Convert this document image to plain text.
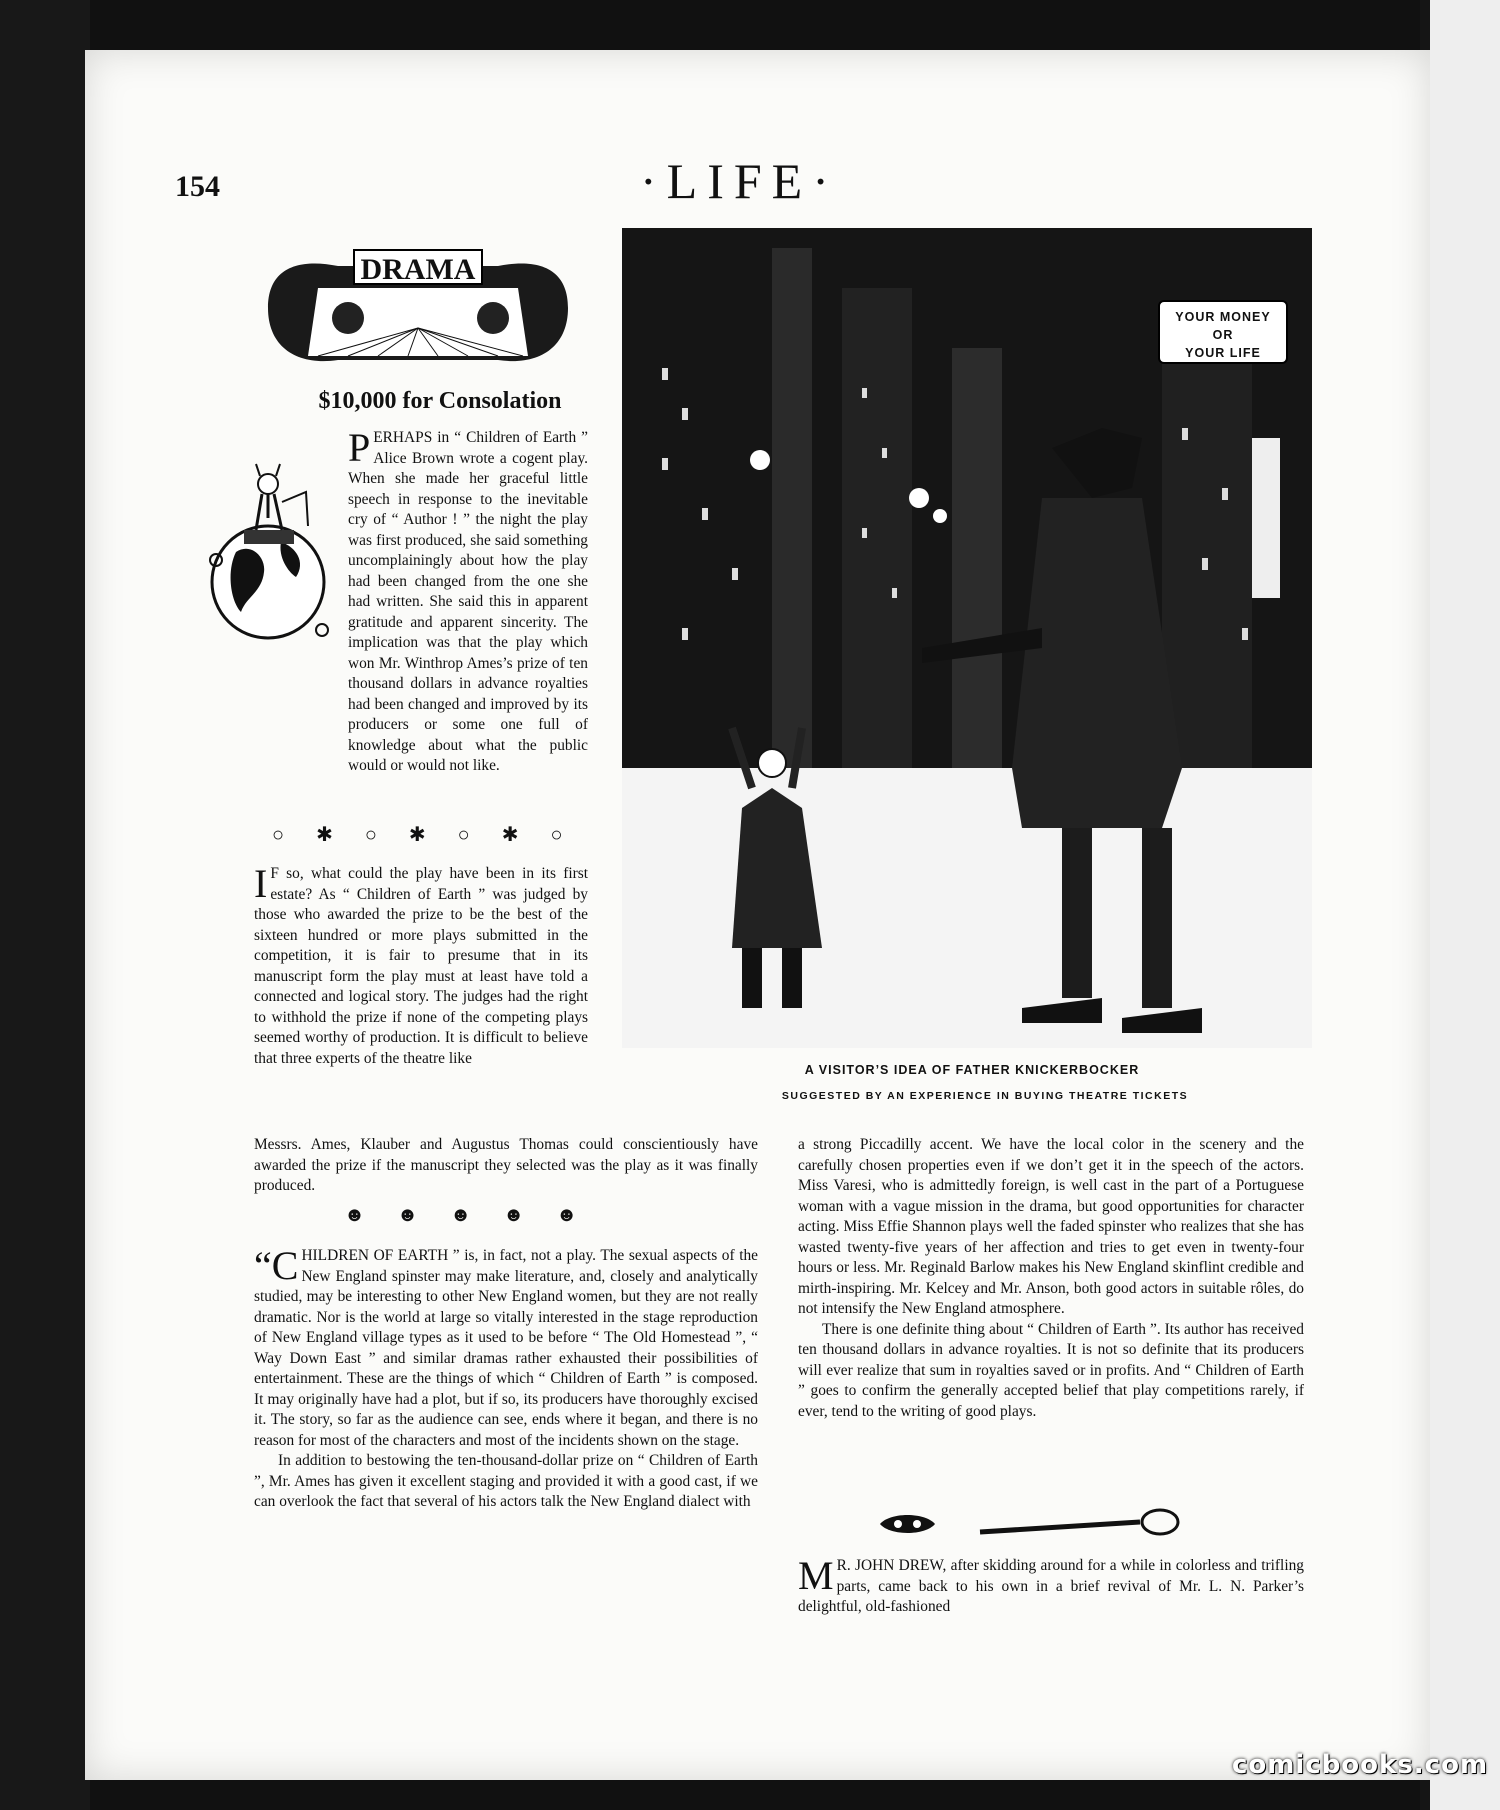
154	·LIFE·
DRAMA
$10,000 for Consolation

PERHAPS in “ Children of Earth ” Alice Brown wrote a cogent play. When she made her graceful little speech in response to the inevitable cry of “ Author ! ” the night the play was first produced, she said something uncomplainingly about how the play had been changed from the one she had written. She said this in apparent gratitude and apparent sincerity. The implication was that the play which won Mr. Winthrop Ames’s prize of ten thousand dollars in advance royalties had been changed and improved by its producers or some one full of knowledge about what the public would or would not like.

○✱○✱○✱○

I F so, what could the play have been in its first estate? As “ Children of Earth ” was judged by those who awarded the prize to be the best of the sixteen hundred or more plays submitted in the competition, it is fair to presume that in its manuscript form the play must at least have told a connected and logical story. The judges had the right to withhold the prize if none of the competing plays seemed worthy of production. It is difficult to believe that three experts of the theatre like

Messrs. Ames, Klauber and Augustus Thomas could conscientiously have awarded the prize if the manuscript they selected was the play as it was finally produced.

☻☻☻☻☻

“CHILDREN OF EARTH ” is, in fact, not a play. The sexual aspects of the New England spinster may make literature, and, closely and analytically studied, may be interesting to other New England women, but they are not really dramatic. Nor is the world at large so vitally interested in the stage reproduction of New England village types as it used to be before “ The Old Homestead ”, “ Way Down East ” and similar dramas rather exhausted their possibilities of entertainment. These are the things of which “ Children of Earth ” is composed. It may originally have had a plot, but if so, its producers have thoroughly excised it. The story, so far as the audience can see, ends where it began, and there is no reason for most of the characters and most of the incidents shown on the stage.

In addition to bestowing the ten-thousand-dollar prize on “ Children of Earth ”, Mr. Ames has given it excellent staging and provided it with a good cast, if we can overlook the fact that several of his actors talk the New England dialect with

YOUR MONEY
OR
YOUR LIFE
A VISITOR’S IDEA OF FATHER KNICKERBOCKER
SUGGESTED BY AN EXPERIENCE IN BUYING THEATRE TICKETS

a strong Piccadilly accent. We have the local color in the scenery and the carefully chosen properties even if we don’t get it in the speech of the actors. Miss Varesi, who is admittedly foreign, is well cast in the part of a Portuguese woman with a vague mission in the drama, but good opportunities for character acting. Miss Effie Shannon plays well the faded spinster who realizes that she has wasted twenty-five years of her affection and tries to get even in twenty-four hours or less. Mr. Reginald Barlow makes his New England skinflint credible and mirth-inspiring. Mr. Kelcey and Mr. Anson, both good actors in suitable rôles, do not intensify the New England atmosphere.

There is one definite thing about “ Children of Earth ”. Its author has received ten thousand dollars in advance royalties. It is not so definite that its producers will ever realize that sum in royalties saved or in profits. And “ Children of Earth ” goes to confirm the generally accepted belief that play competitions rarely, if ever, tend to the writing of good plays.

M R. JOHN DREW, after skidding around for a while in colorless and trifling parts, came back to his own in a brief revival of Mr. L. N. Parker’s delightful, old-fashioned

comicbooks.com
